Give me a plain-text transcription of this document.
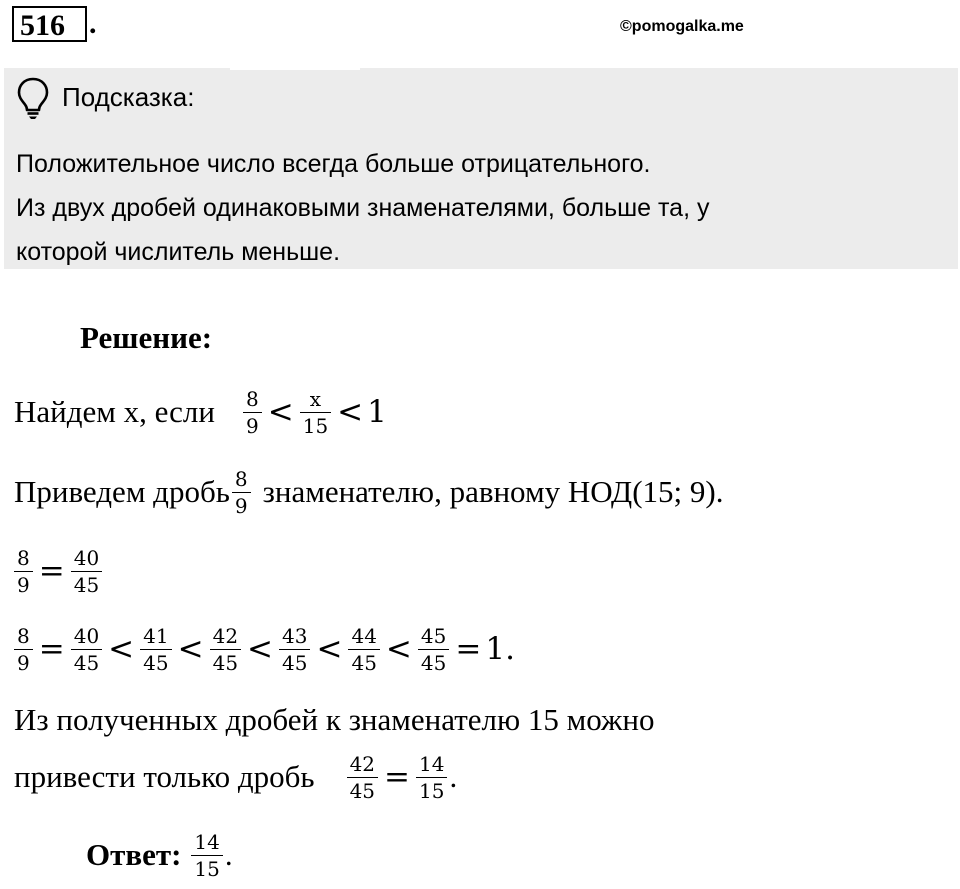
516 .	©pomogalka.me
Подсказка:
Положительное число всегда больше отрицательного.
Из двух дробей одинаковыми знаменателями, больше та, у
которой числитель меньше.
Решение:
Найдем x, если $\frac{8}{9} < \frac{x}{15} < 1$
Приведем дробь $\frac{8}{9}$ знаменателю, равному НОД(15; 9).
$\frac{8}{9} = \frac{40}{45}$
$\frac{8}{9} = \frac{40}{45} < \frac{41}{45} < \frac{42}{45} < \frac{43}{45} < \frac{44}{45} < \frac{45}{45} = 1$.
Из полученных дробей к знаменателю 15 можно
привести только дробь $\frac{42}{45} = \frac{14}{15}$ .
Ответ: $\frac{14}{15}$ .
